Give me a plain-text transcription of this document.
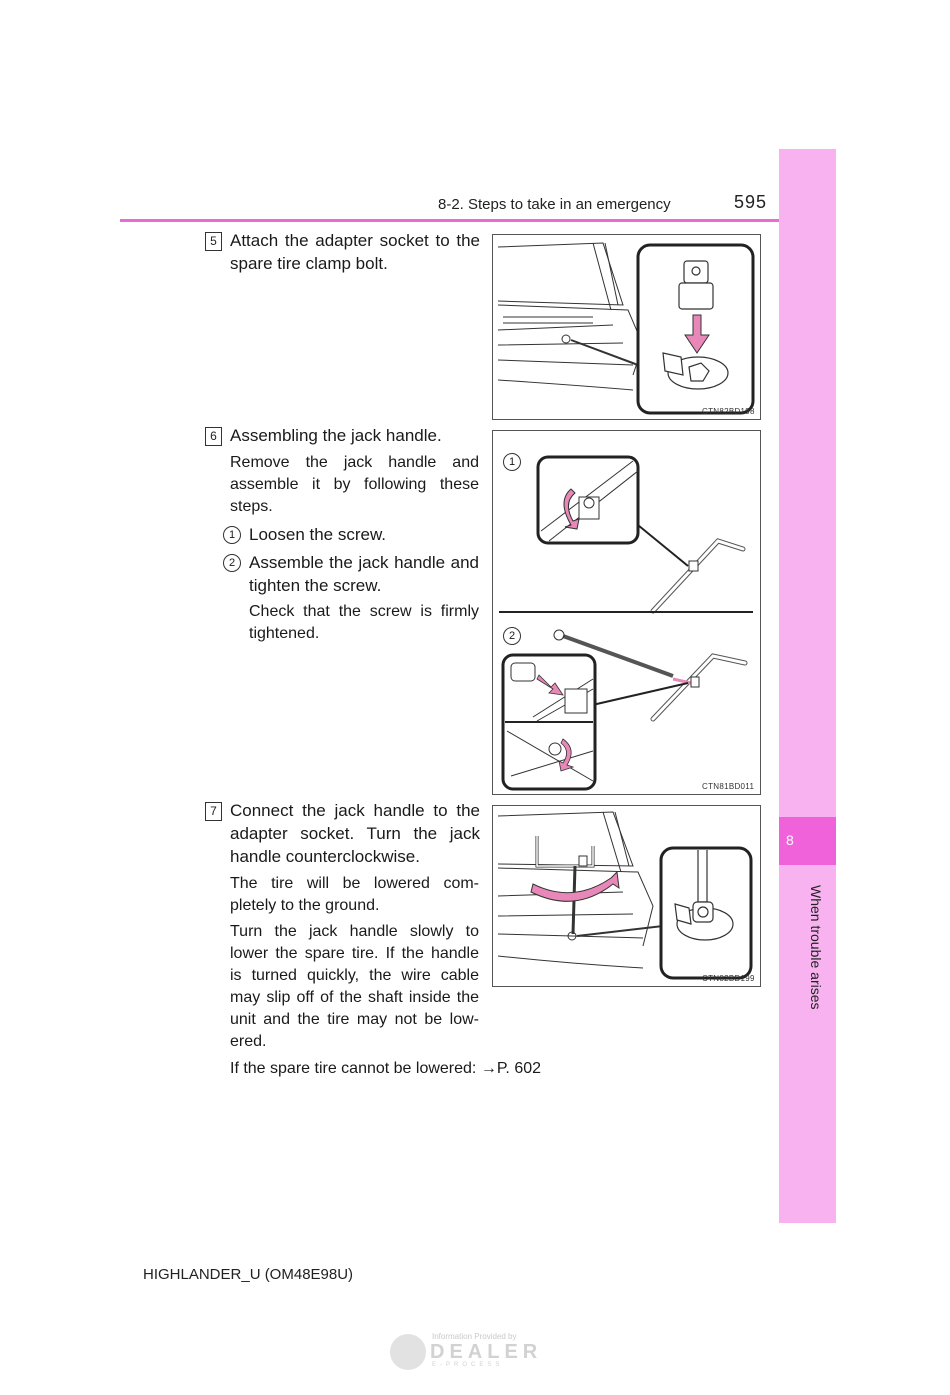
8-2. Steps to take in an emergency	595
8
When trouble arises
5 Attach the adapter socket to the spare tire clamp bolt.
CTN82BD198
6 Assembling the jack handle.
Remove the jack handle and assemble it by following these steps.
1 Loosen the screw.
2 Assemble the jack handle and tighten the screw.
Check that the screw is firmly tightened.
1
2
CTN81BD011
7 Connect the jack handle to the adapter socket. Turn the jack handle counterclockwise.
The tire will be lowered com-pletely to the ground.
Turn the jack handle slowly to lower the spare tire. If the handle is turned quickly, the wire cable may slip off of the shaft inside the unit and the tire may not be low-ered.
CTN82BD199
If the spare tire cannot be lowered: →P. 602
HIGHLANDER_U (OM48E98U)
Information Provided by
DEALER
E-PROCESS
